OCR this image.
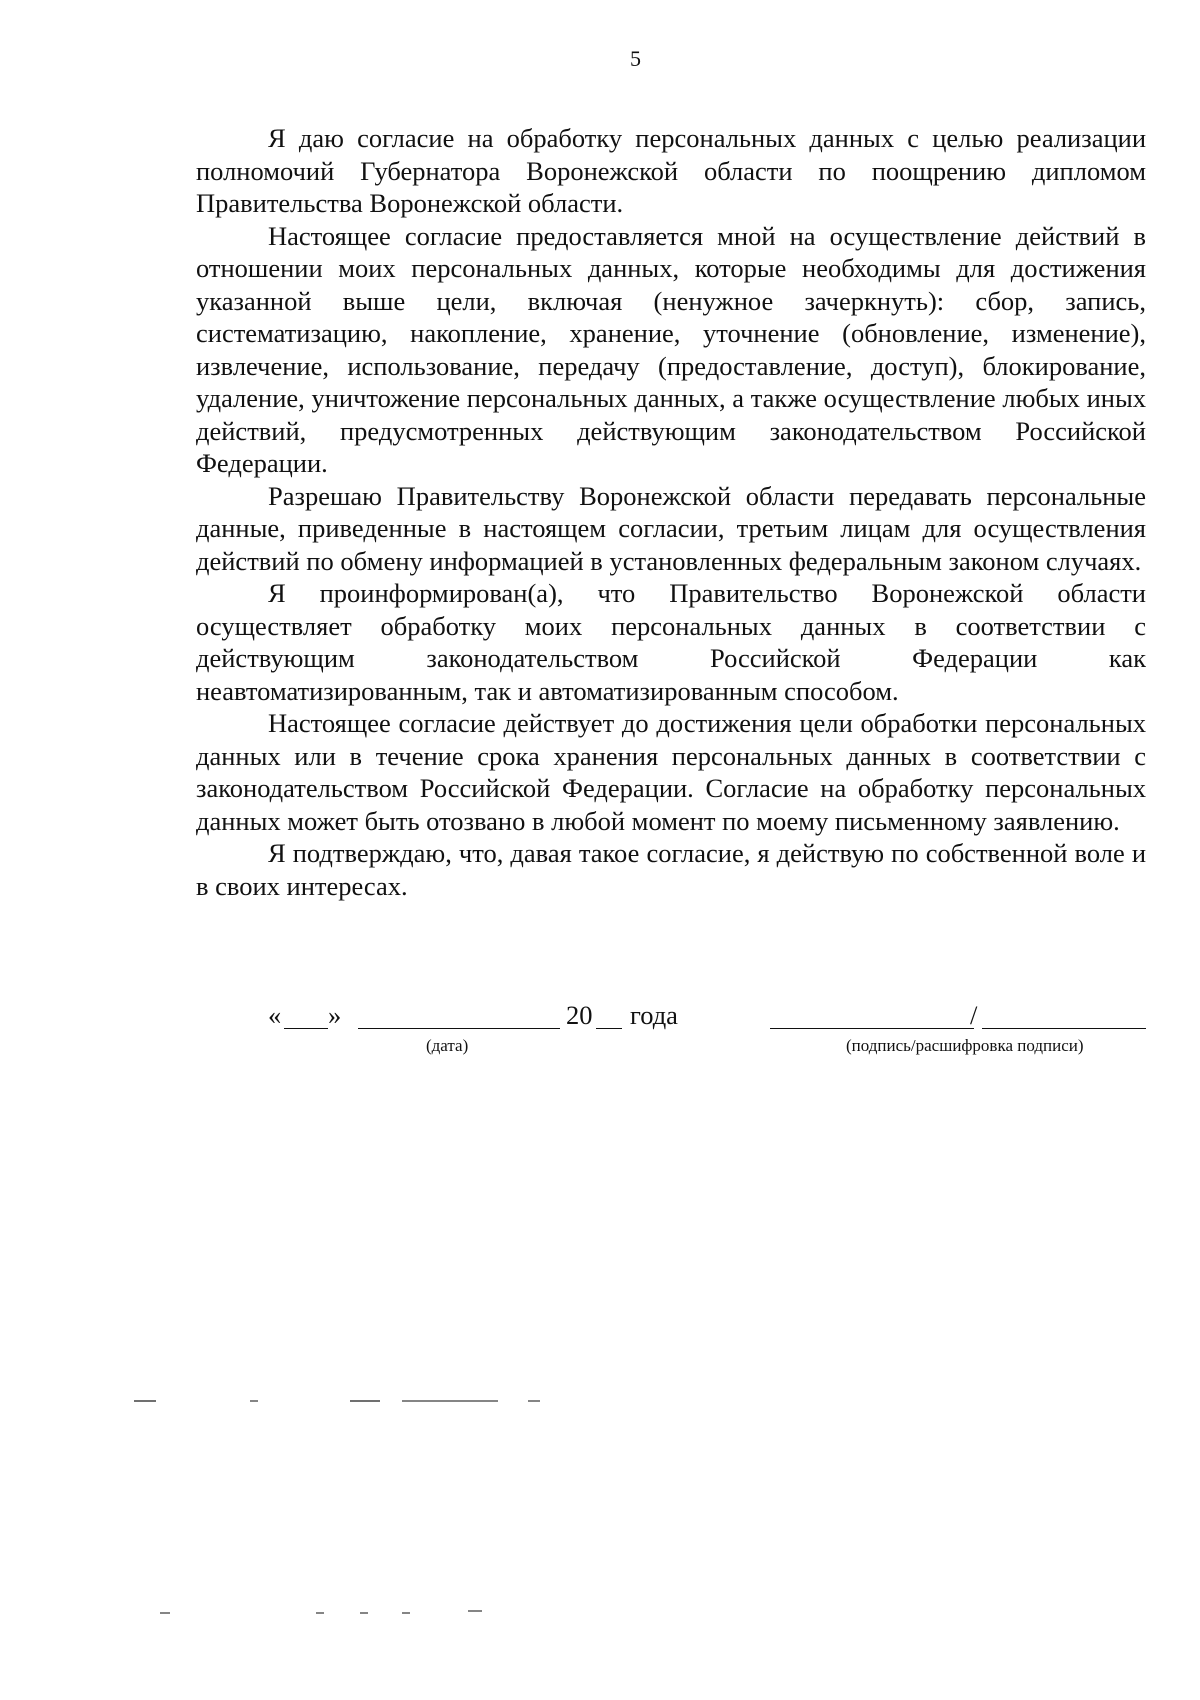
5

Я даю согласие на обработку персональных данных с целью реализации полномочий Губернатора Воронежской области по поощрению дипломом Правительства Воронежской области.

Настоящее согласие предоставляется мной на осуществление действий в отношении моих персональных данных, которые необходимы для достижения указанной выше цели, включая (ненужное зачеркнуть): сбор, запись, систематизацию, накопление, хранение, уточнение (обновление, изменение), извлечение, использование, передачу (предоставление, доступ), блокирование, удаление, уничтожение персональных данных, а также осуществление любых иных действий, предусмотренных действующим законодательством Российской Федерации.

Разрешаю Правительству Воронежской области передавать персональные данные, приведенные в настоящем согласии, третьим лицам для осуществления действий по обмену информацией в установленных федеральным законом случаях.

Я проинформирован(а), что Правительство Воронежской области осуществляет обработку моих персональных данных в соответствии с действующим законодательством Российской Федерации как неавтоматизированным, так и автоматизированным способом.

Настоящее согласие действует до достижения цели обработки персональных данных или в течение срока хранения персональных данных в соответствии с законодательством Российской Федерации. Согласие на обработку персональных данных может быть отозвано в любой момент по моему письменному заявлению.

Я подтверждаю, что, давая такое согласие, я действую по собственной воле и в своих интересах.

« »	20 года	/
(дата)	(подпись/расшифровка подписи)
